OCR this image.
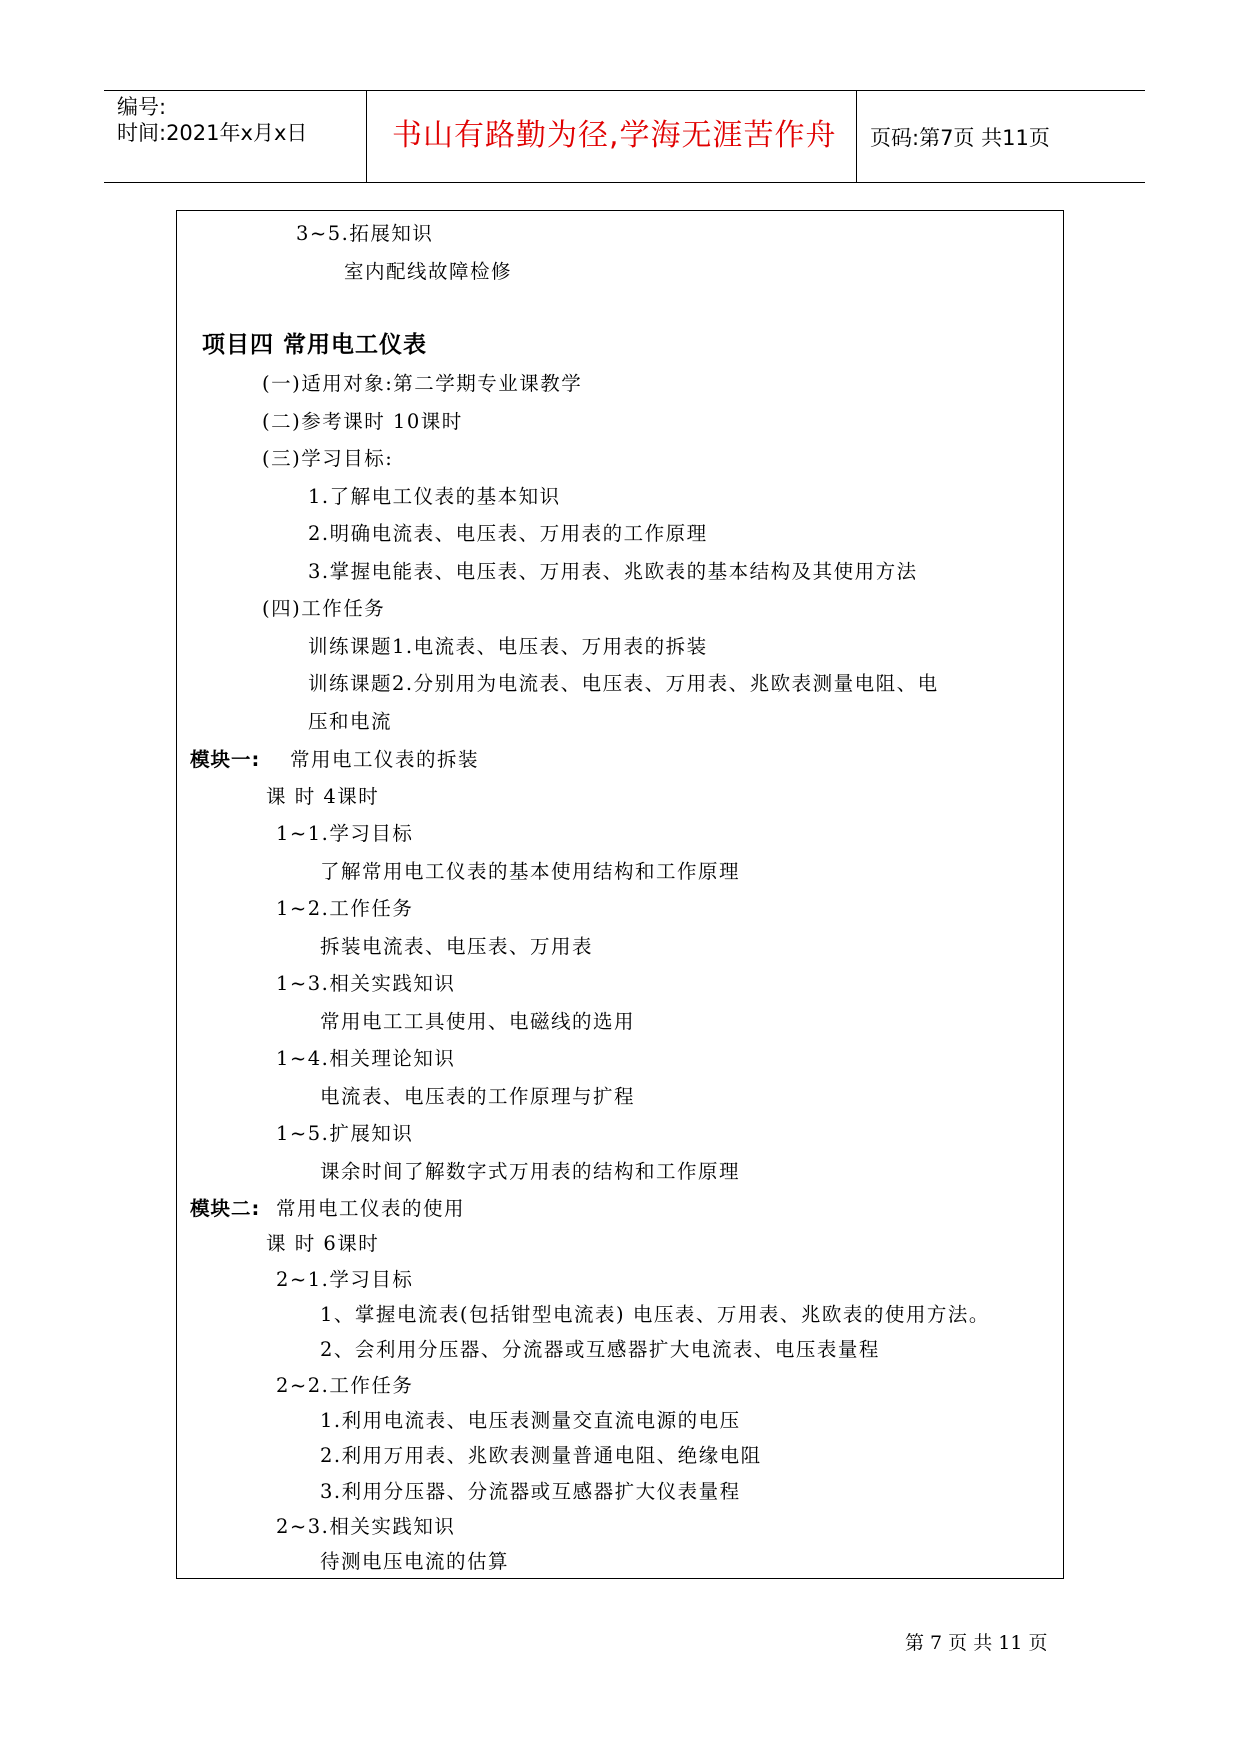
编号:
时间:2021年x月x日	书山有路勤为径,学海无涯苦作舟 页码:第7页 共11页
3~5.拓展知识
室内配线故障检修
项目四 常用电工仪表
(一)适用对象:第二学期专业课教学
(二)参考课时 10课时
(三)学习目标:
1.了解电工仪表的基本知识
2.明确电流表、电压表、万用表的工作原理
3.掌握电能表、电压表、万用表、兆欧表的基本结构及其使用方法
(四)工作任务
训练课题1.电流表、电压表、万用表的拆装
训练课题2.分别用为电流表、电压表、万用表、兆欧表测量电阻、电
压和电流
模块一: 常用电工仪表的拆装
课 时 4课时
1~1.学习目标
了解常用电工仪表的基本使用结构和工作原理
1~2.工作任务
拆装电流表、电压表、万用表
1~3.相关实践知识
常用电工工具使用、电磁线的选用
1~4.相关理论知识
电流表、电压表的工作原理与扩程
1~5.扩展知识
课余时间了解数字式万用表的结构和工作原理
模块二: 常用电工仪表的使用
课 时 6课时
2~1.学习目标
1、掌握电流表(包括钳型电流表) 电压表、万用表、兆欧表的使用方法。
2、会利用分压器、分流器或互感器扩大电流表、电压表量程
2~2.工作任务
1.利用电流表、电压表测量交直流电源的电压
2.利用万用表、兆欧表测量普通电阻、绝缘电阻
3.利用分压器、分流器或互感器扩大仪表量程
2~3.相关实践知识
待测电压电流的估算
第 7 页 共 11 页
